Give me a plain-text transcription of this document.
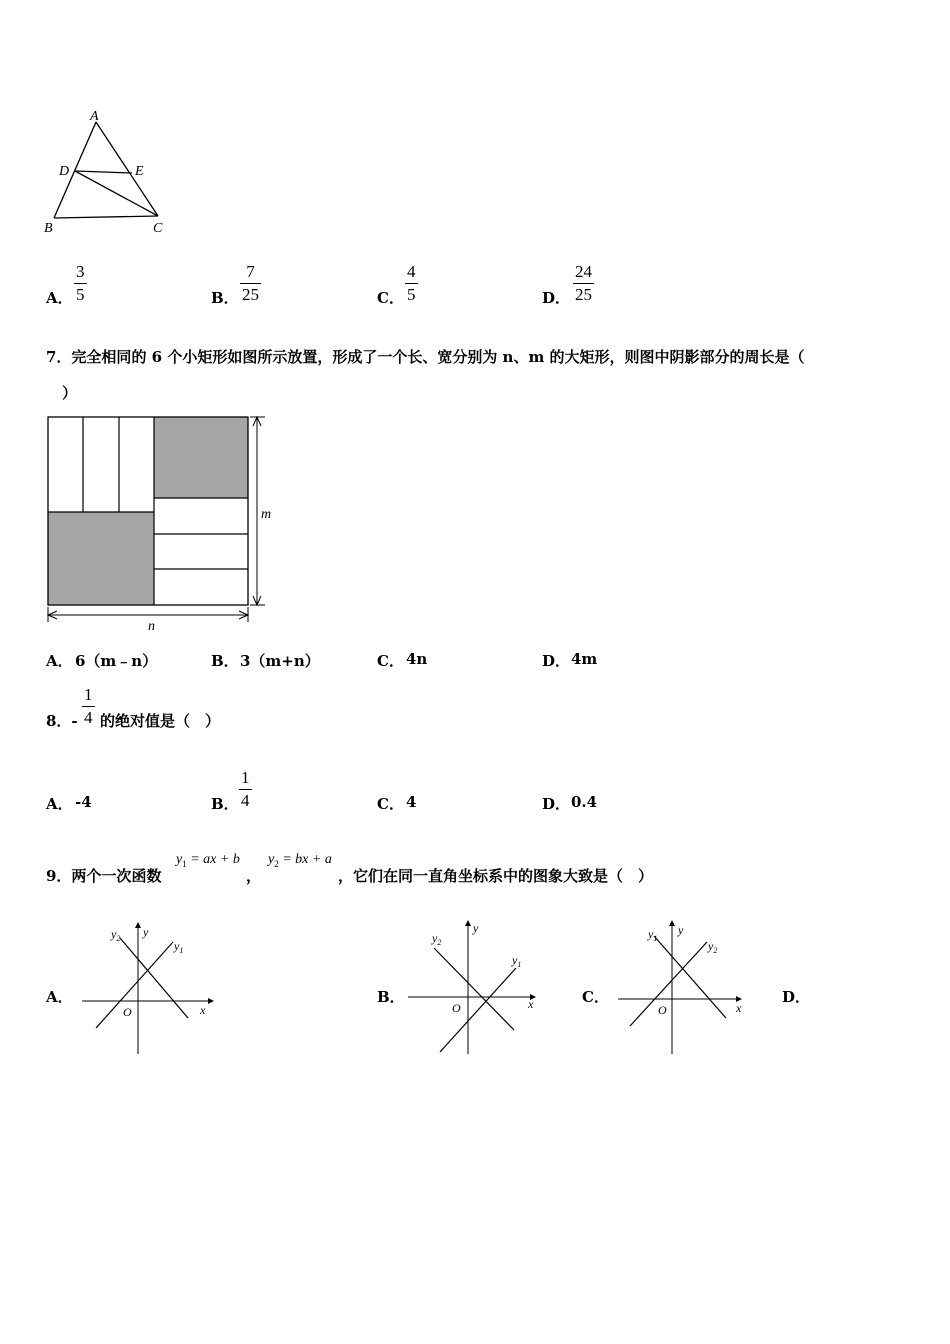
A
D	E
B	C
A．
3
5	B．
7
25	C．
4
5	D．
24
25
7．完全相同的 6 个小矩形如图所示放置，形成了一个长、宽分别为 n、m 的大矩形，则图中阴影部分的周长是（
）
m
n
A． 6（m﹣n）	B． 3（m+n）	C． 4n	D． 4m
8．-
1
4 的绝对值是（　）
A． -4	B．
1
4	C． 4	D． 0.4
9．两个一次函数
$y_1$ = ax + b
，
$y_2$ = bx + a
，它们在同一直角坐标系中的图象大致是（　）
A．	B．	C．	D．
O	x
y
$y_2$
$y_1$
O	x
y
$y_2$
$y_1$
O	x
y
$y_1$
$y_2$
